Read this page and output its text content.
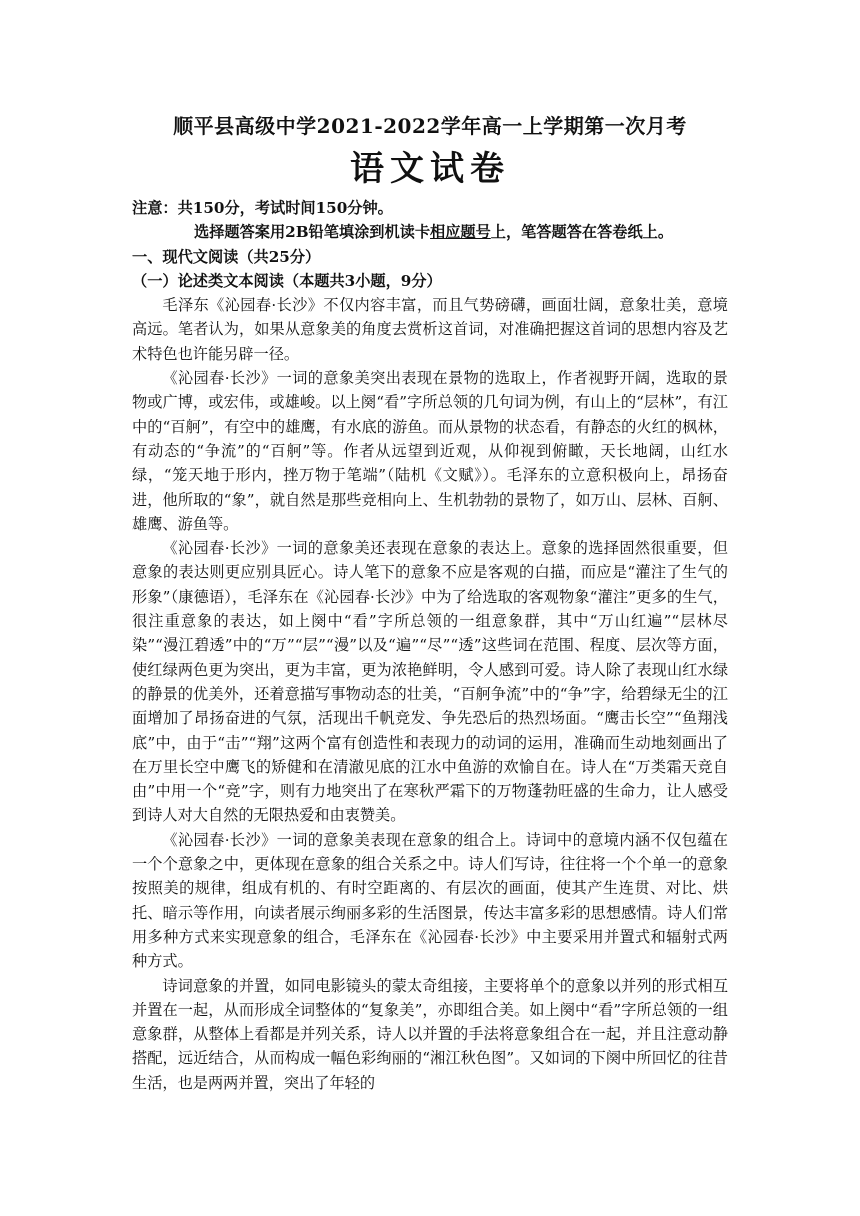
顺平县高级中学2021-2022学年高一上学期第一次月考
语文试卷
注意：共150分，考试时间150分钟。
选择题答案用2B铅笔填涂到机读卡相应题号上，笔答题答在答卷纸上。
一、现代文阅读（共25分）
（一）论述类文本阅读（本题共3小题，9分）

毛泽东《沁园春·长沙》不仅内容丰富，而且气势磅礴，画面壮阔，意象壮美，意境高远。笔者认为，如果从意象美的角度去赏析这首词，对准确把握这首词的思想内容及艺术特色也许能另辟一径。

《沁园春·长沙》一词的意象美突出表现在景物的选取上，作者视野开阔，选取的景物或广博，或宏伟，或雄峻。以上阕“看”字所总领的几句词为例，有山上的“层林”，有江中的“百舸”，有空中的雄鹰，有水底的游鱼。而从景物的状态看，有静态的火红的枫林，有动态的“争流”的“百舸”等。作者从远望到近观，从仰视到俯瞰，天长地阔，山红水绿，“笼天地于形内，挫万物于笔端”（陆机《文赋》）。毛泽东的立意积极向上，昂扬奋进，他所取的“象”，就自然是那些竞相向上、生机勃勃的景物了，如万山、层林、百舸、雄鹰、游鱼等。

《沁园春·长沙》一词的意象美还表现在意象的表达上。意象的选择固然很重要，但意象的表达则更应别具匠心。诗人笔下的意象不应是客观的白描，而应是“灌注了生气的形象”（康德语），毛泽东在《沁园春·长沙》中为了给选取的客观物象“灌注”更多的生气，很注重意象的表达，如上阕中“看”字所总领的一组意象群，其中“万山红遍”“层林尽染”“漫江碧透”中的“万”“层”“漫”以及“遍”“尽”“透”这些词在范围、程度、层次等方面，使红绿两色更为突出，更为丰富，更为浓艳鲜明，令人感到可爱。诗人除了表现山红水绿的静景的优美外，还着意描写事物动态的壮美，“百舸争流”中的“争”字，给碧绿无尘的江面增加了昂扬奋进的气氛，活现出千帆竞发、争先恐后的热烈场面。“鹰击长空”“鱼翔浅底”中，由于“击”“翔”这两个富有创造性和表现力的动词的运用，准确而生动地刻画出了在万里长空中鹰飞的矫健和在清澈见底的江水中鱼游的欢愉自在。诗人在“万类霜天竞自由”中用一个“竞”字，则有力地突出了在寒秋严霜下的万物蓬勃旺盛的生命力，让人感受到诗人对大自然的无限热爱和由衷赞美。

《沁园春·长沙》一词的意象美表现在意象的组合上。诗词中的意境内涵不仅包蕴在一个个意象之中，更体现在意象的组合关系之中。诗人们写诗，往往将一个个单一的意象按照美的规律，组成有机的、有时空距离的、有层次的画面，使其产生连贯、对比、烘托、暗示等作用，向读者展示绚丽多彩的生活图景，传达丰富多彩的思想感情。诗人们常用多种方式来实现意象的组合，毛泽东在《沁园春·长沙》中主要采用并置式和辐射式两种方式。

诗词意象的并置，如同电影镜头的蒙太奇组接，主要将单个的意象以并列的形式相互并置在一起，从而形成全词整体的“复象美”，亦即组合美。如上阕中“看”字所总领的一组意象群，从整体上看都是并列关系，诗人以并置的手法将意象组合在一起，并且注意动静搭配，远近结合，从而构成一幅色彩绚丽的“湘江秋色图”。又如词的下阕中所回忆的往昔生活，也是两两并置，突出了年轻的
